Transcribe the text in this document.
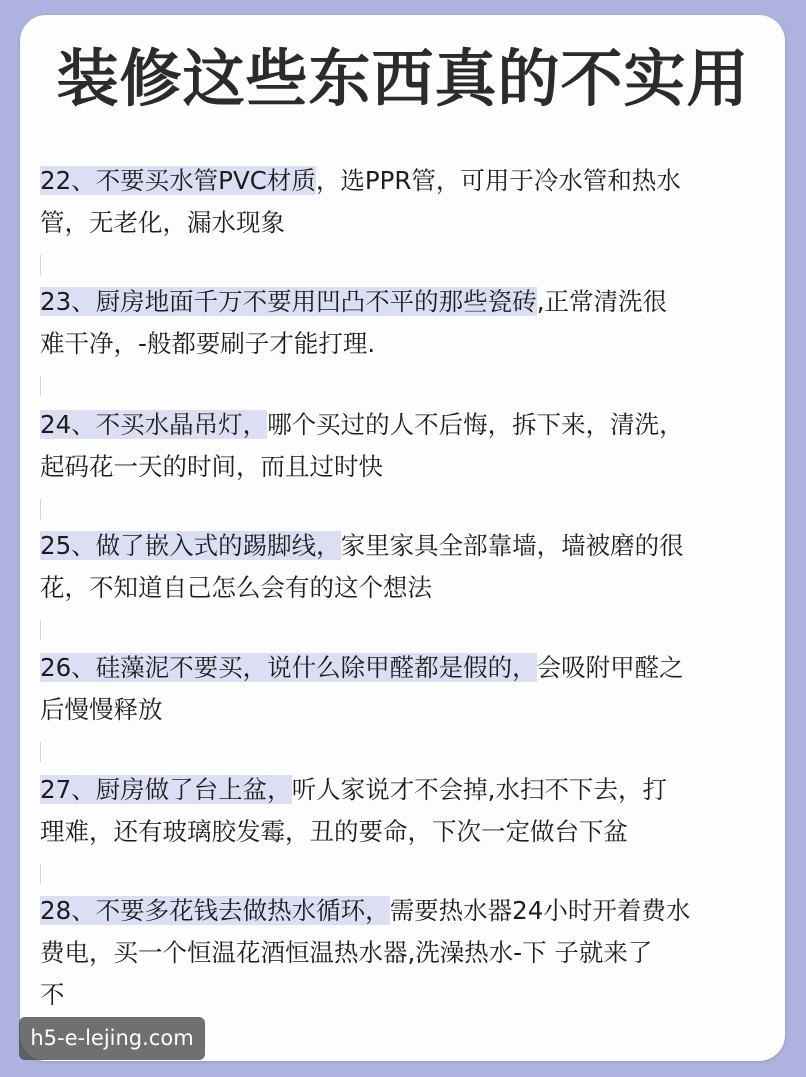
装修这些东西真的不实用

22、不要买水管PVC材质，选PPR管，可用于冷水管和热水
管，无老化，漏水现象

23、厨房地面千万不要用凹凸不平的那些瓷砖,正常清洗很
难干净，-般都要刷子才能打理.

24、不买水晶吊灯，哪个买过的人不后悔，拆下来，清洗，
起码花一天的时间，而且过时快

25、做了嵌入式的踢脚线，家里家具全部靠墙，墙被磨的很
花，不知道自己怎么会有的这个想法

26、硅藻泥不要买，说什么除甲醛都是假的，会吸附甲醛之
后慢慢释放

27、厨房做了台上盆，听人家说才不会掉,水扫不下去，打
理难，还有玻璃胶发霉，丑的要命，下次一定做台下盆

28、不要多花钱去做热水循环，需要热水器24小时开着费水
费电，买一个恒温花酒恒温热水器,洗澡热水-下 子就来了
不

h5-e-lejing.com
